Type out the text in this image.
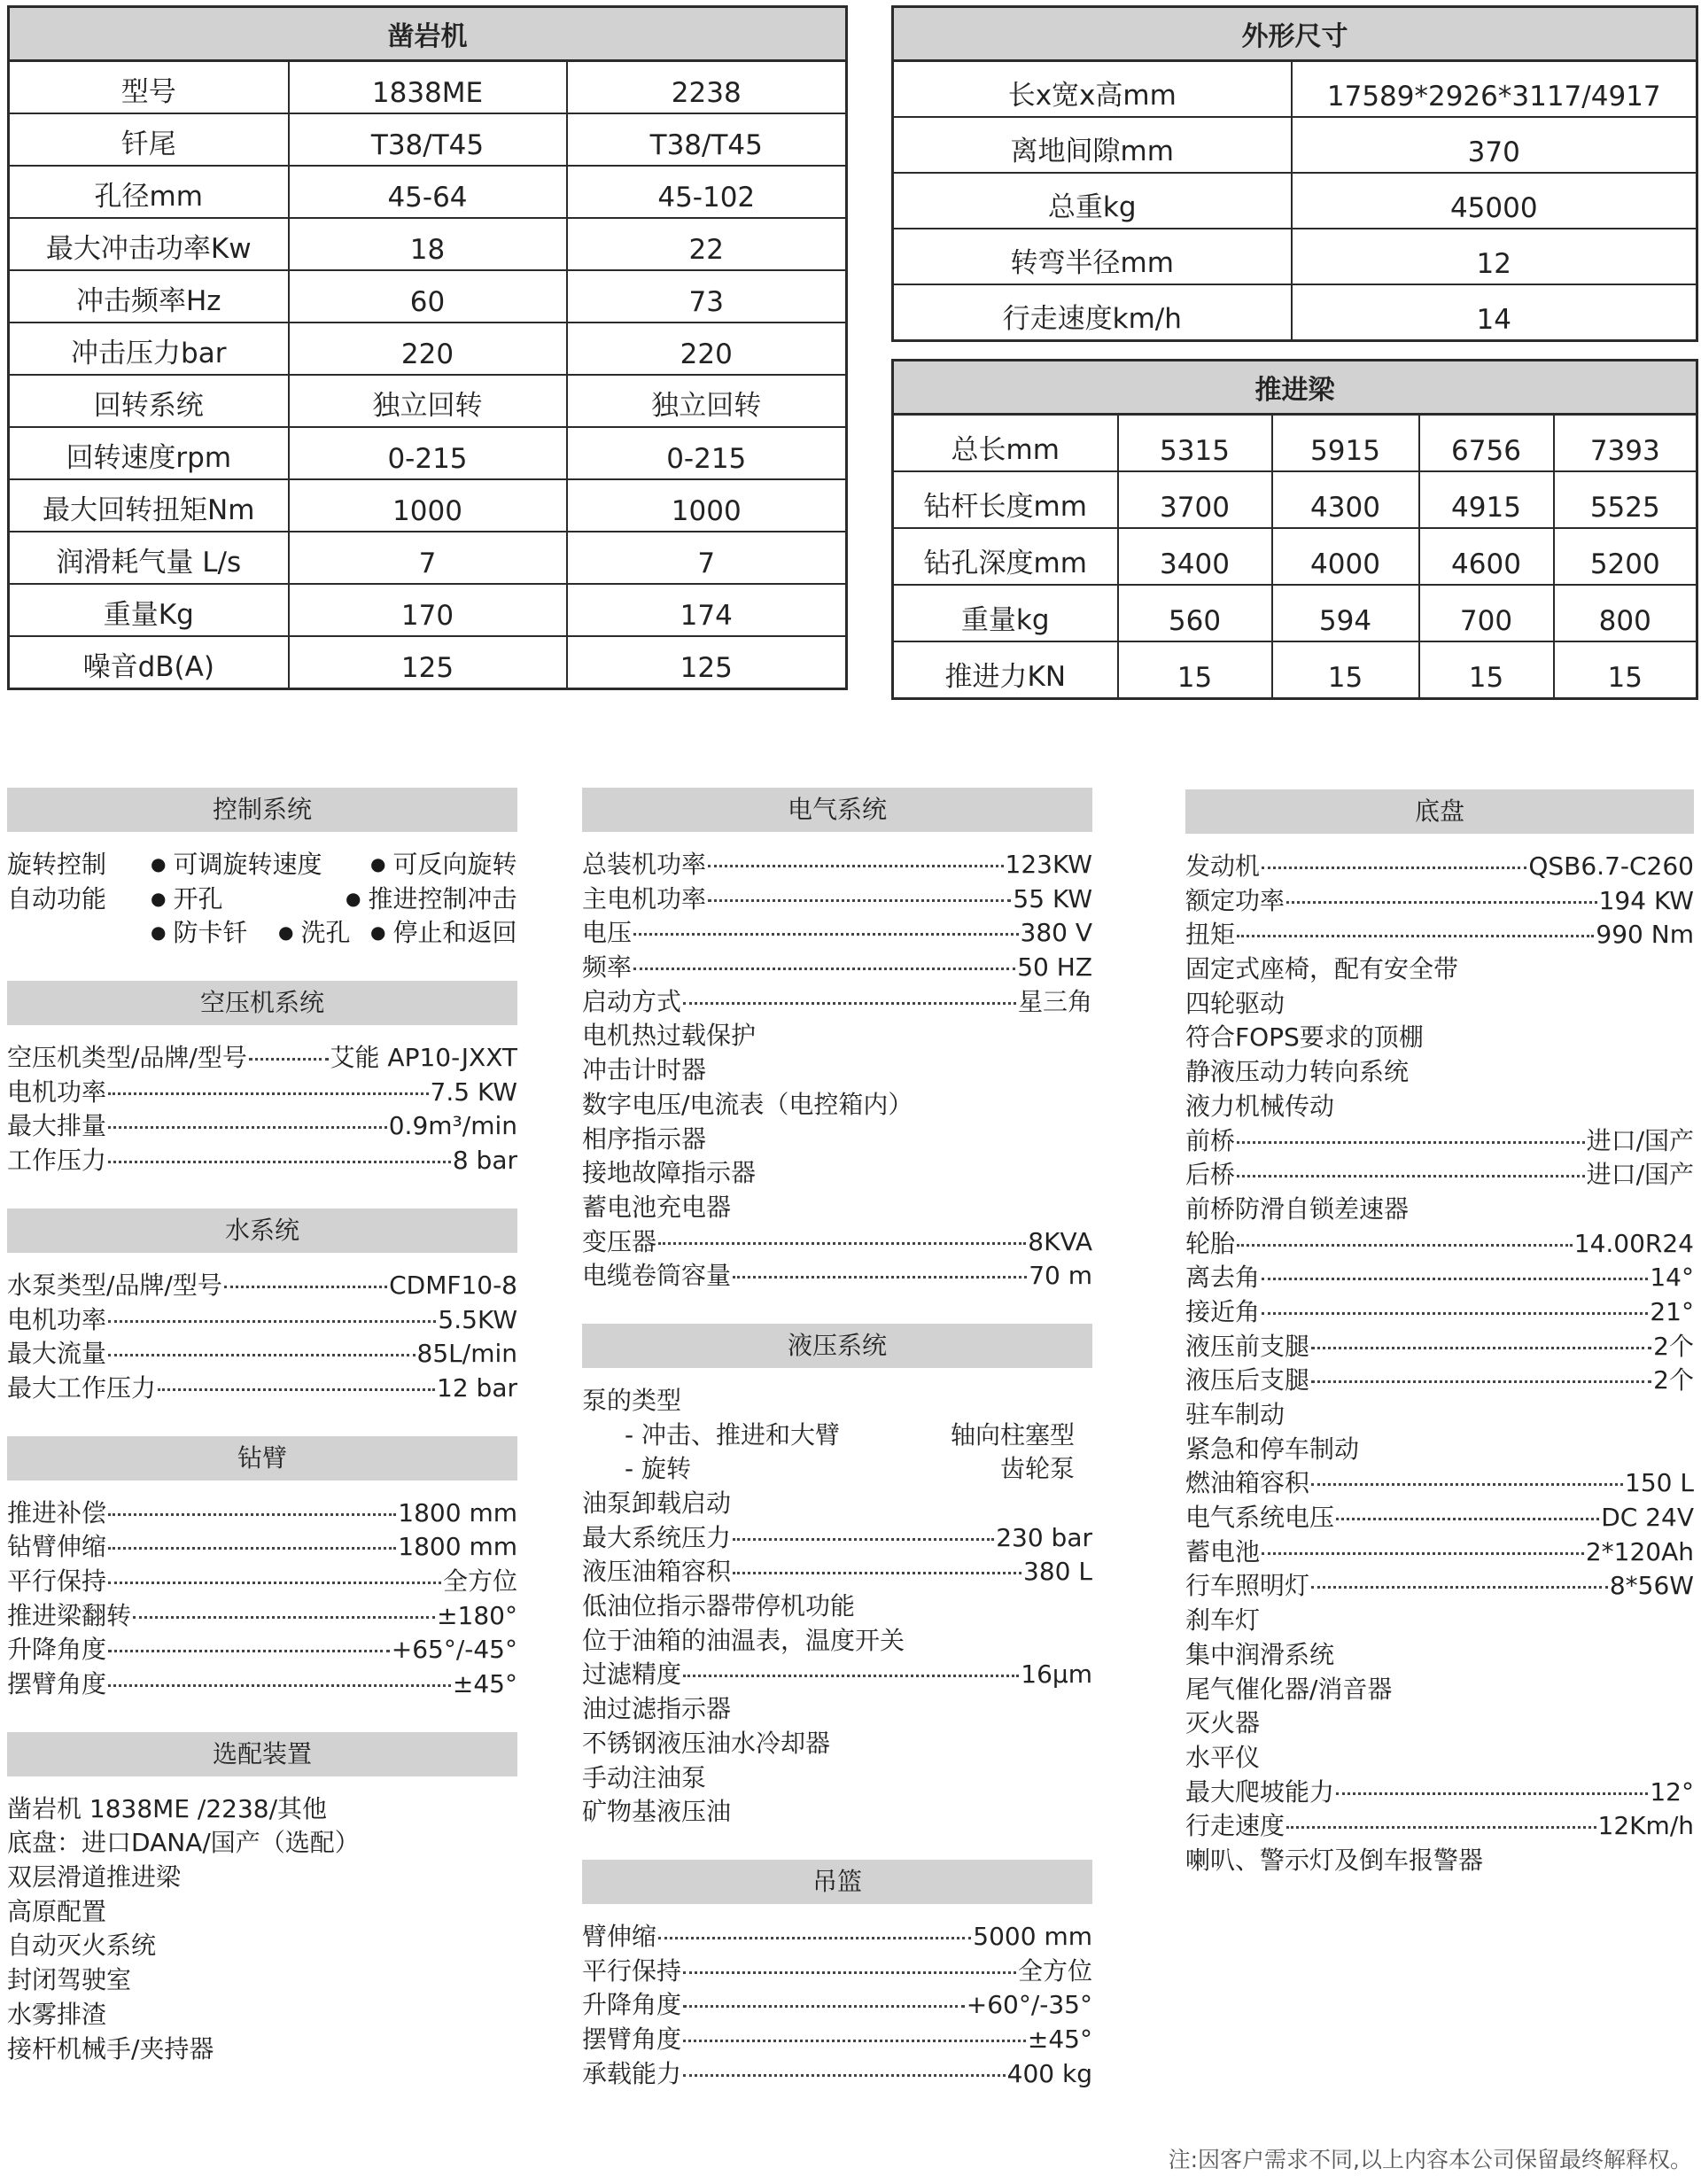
凿岩机		
型号	1838ME	2238
钎尾	T38/T45	T38/T45
孔径mm	45-64	45-102
最大冲击功率Kw	18	22
冲击频率Hz	60	73
冲击压力bar	220	220
回转系统	独立回转	独立回转
回转速度rpm	0-215	0-215
最大回转扭矩Nm	1000	1000
润滑耗气量 L/s	7	7
重量Kg	170	174
噪音dB(A)	125	125
外形尺寸	
长x宽x高mm	17589*2926*3117/4917
离地间隙mm	370
总重kg	45000
转弯半径mm	12
行走速度km/h	14
推进梁				
总长mm	5315	5915	6756	7393
钻杆长度mm	3700	4300	4915	5525
钻孔深度mm	3400	4000	4600	5200
重量kg	560	594	700	800
推进力KN	15	15	15	15
控制系统
旋转控制	● 可调旋转速度	● 可反向旋转
自动功能	● 开孔	● 推进控制冲击
● 防卡钎	● 洗孔	● 停止和返回
空压机系统
空压机类型/品牌/型号	艾能 AP10-JXXT
电机功率	7.5 KW
最大排量	0.9m³/min
工作压力	8 bar
水系统
水泵类型/品牌/型号	CDMF10-8
电机功率	5.5KW
最大流量	85L/min
最大工作压力	12 bar
钻臂
推进补偿	1800 mm
钻臂伸缩	1800 mm
平行保持	全方位
推进梁翻转	±180°
升降角度	+65°/-45°
摆臂角度	±45°
选配装置
凿岩机 1838ME /2238/其他
底盘：进口DANA/国产（选配）
双层滑道推进梁
高原配置
自动灭火系统
封闭驾驶室
水雾排渣
接杆机械手/夹持器
电气系统
总装机功率	123KW
主电机功率	55 KW
电压	380 V
频率	50 HZ
启动方式	星三角
电机热过载保护
冲击计时器
数字电压/电流表（电控箱内）
相序指示器
接地故障指示器
蓄电池充电器
变压器	8KVA
电缆卷筒容量	70 m
液压系统
泵的类型
- 冲击、推进和大臂	轴向柱塞型
- 旋转	齿轮泵
油泵卸载启动
最大系统压力	230 bar
液压油箱容积	380 L
低油位指示器带停机功能
位于油箱的油温表，温度开关
过滤精度	16μm
油过滤指示器
不锈钢液压油水冷却器
手动注油泵
矿物基液压油
吊篮
臂伸缩	5000 mm
平行保持	全方位
升降角度	+60°/-35°
摆臂角度	±45°
承载能力	400 kg
底盘
发动机	QSB6.7-C260
额定功率	194 KW
扭矩	990 Nm
固定式座椅，配有安全带
四轮驱动
符合FOPS要求的顶棚
静液压动力转向系统
液力机械传动
前桥	进口/国产
后桥	进口/国产
前桥防滑自锁差速器
轮胎	14.00R24
离去角	14°
接近角	21°
液压前支腿	2个
液压后支腿	2个
驻车制动
紧急和停车制动
燃油箱容积	150 L
电气系统电压	DC 24V
蓄电池	2*120Ah
行车照明灯	8*56W
刹车灯
集中润滑系统
尾气催化器/消音器
灭火器
水平仪
最大爬坡能力	12°
行走速度	12Km/h
喇叭、警示灯及倒车报警器
注:因客户需求不同,以上内容本公司保留最终解释权。
